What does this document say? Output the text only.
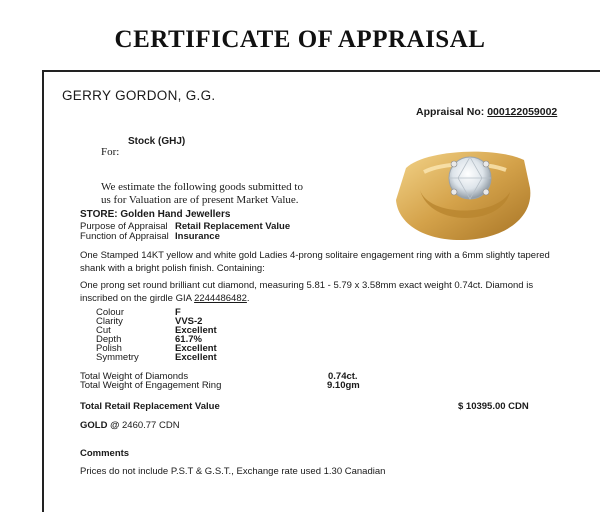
CERTIFICATE OF APPRAISAL
GERRY GORDON, G.G.
Appraisal No: 000122059002
Stock (GHJ)
For:
We estimate the following goods submitted to
us for Valuation are of present Market Value.
STORE: Golden Hand Jewellers
Purpose of Appraisal Retail Replacement Value
Function of Appraisal Insurance
One Stamped 14KT yellow and white gold Ladies 4-prong solitaire engagement ring with a 6mm slightly tapered shank with a bright polish finish. Containing:
One prong set round brilliant cut diamond, measuring 5.81 - 5.79 x 3.58mm exact weight 0.74ct. Diamond is inscribed on the girdle GIA 2244486482.
Colour	F
Clarity	VVS-2
Cut	Excellent
Depth	61.7%
Polish	Excellent
Symmetry	Excellent
Total Weight of Diamonds	0.74ct.
Total Weight of Engagement Ring	9.10gm
Total Retail Replacement Value	$ 10395.00 CDN
GOLD @ 2460.77 CDN
Comments
Prices do not include P.S.T & G.S.T., Exchange rate used 1.30 Canadian
